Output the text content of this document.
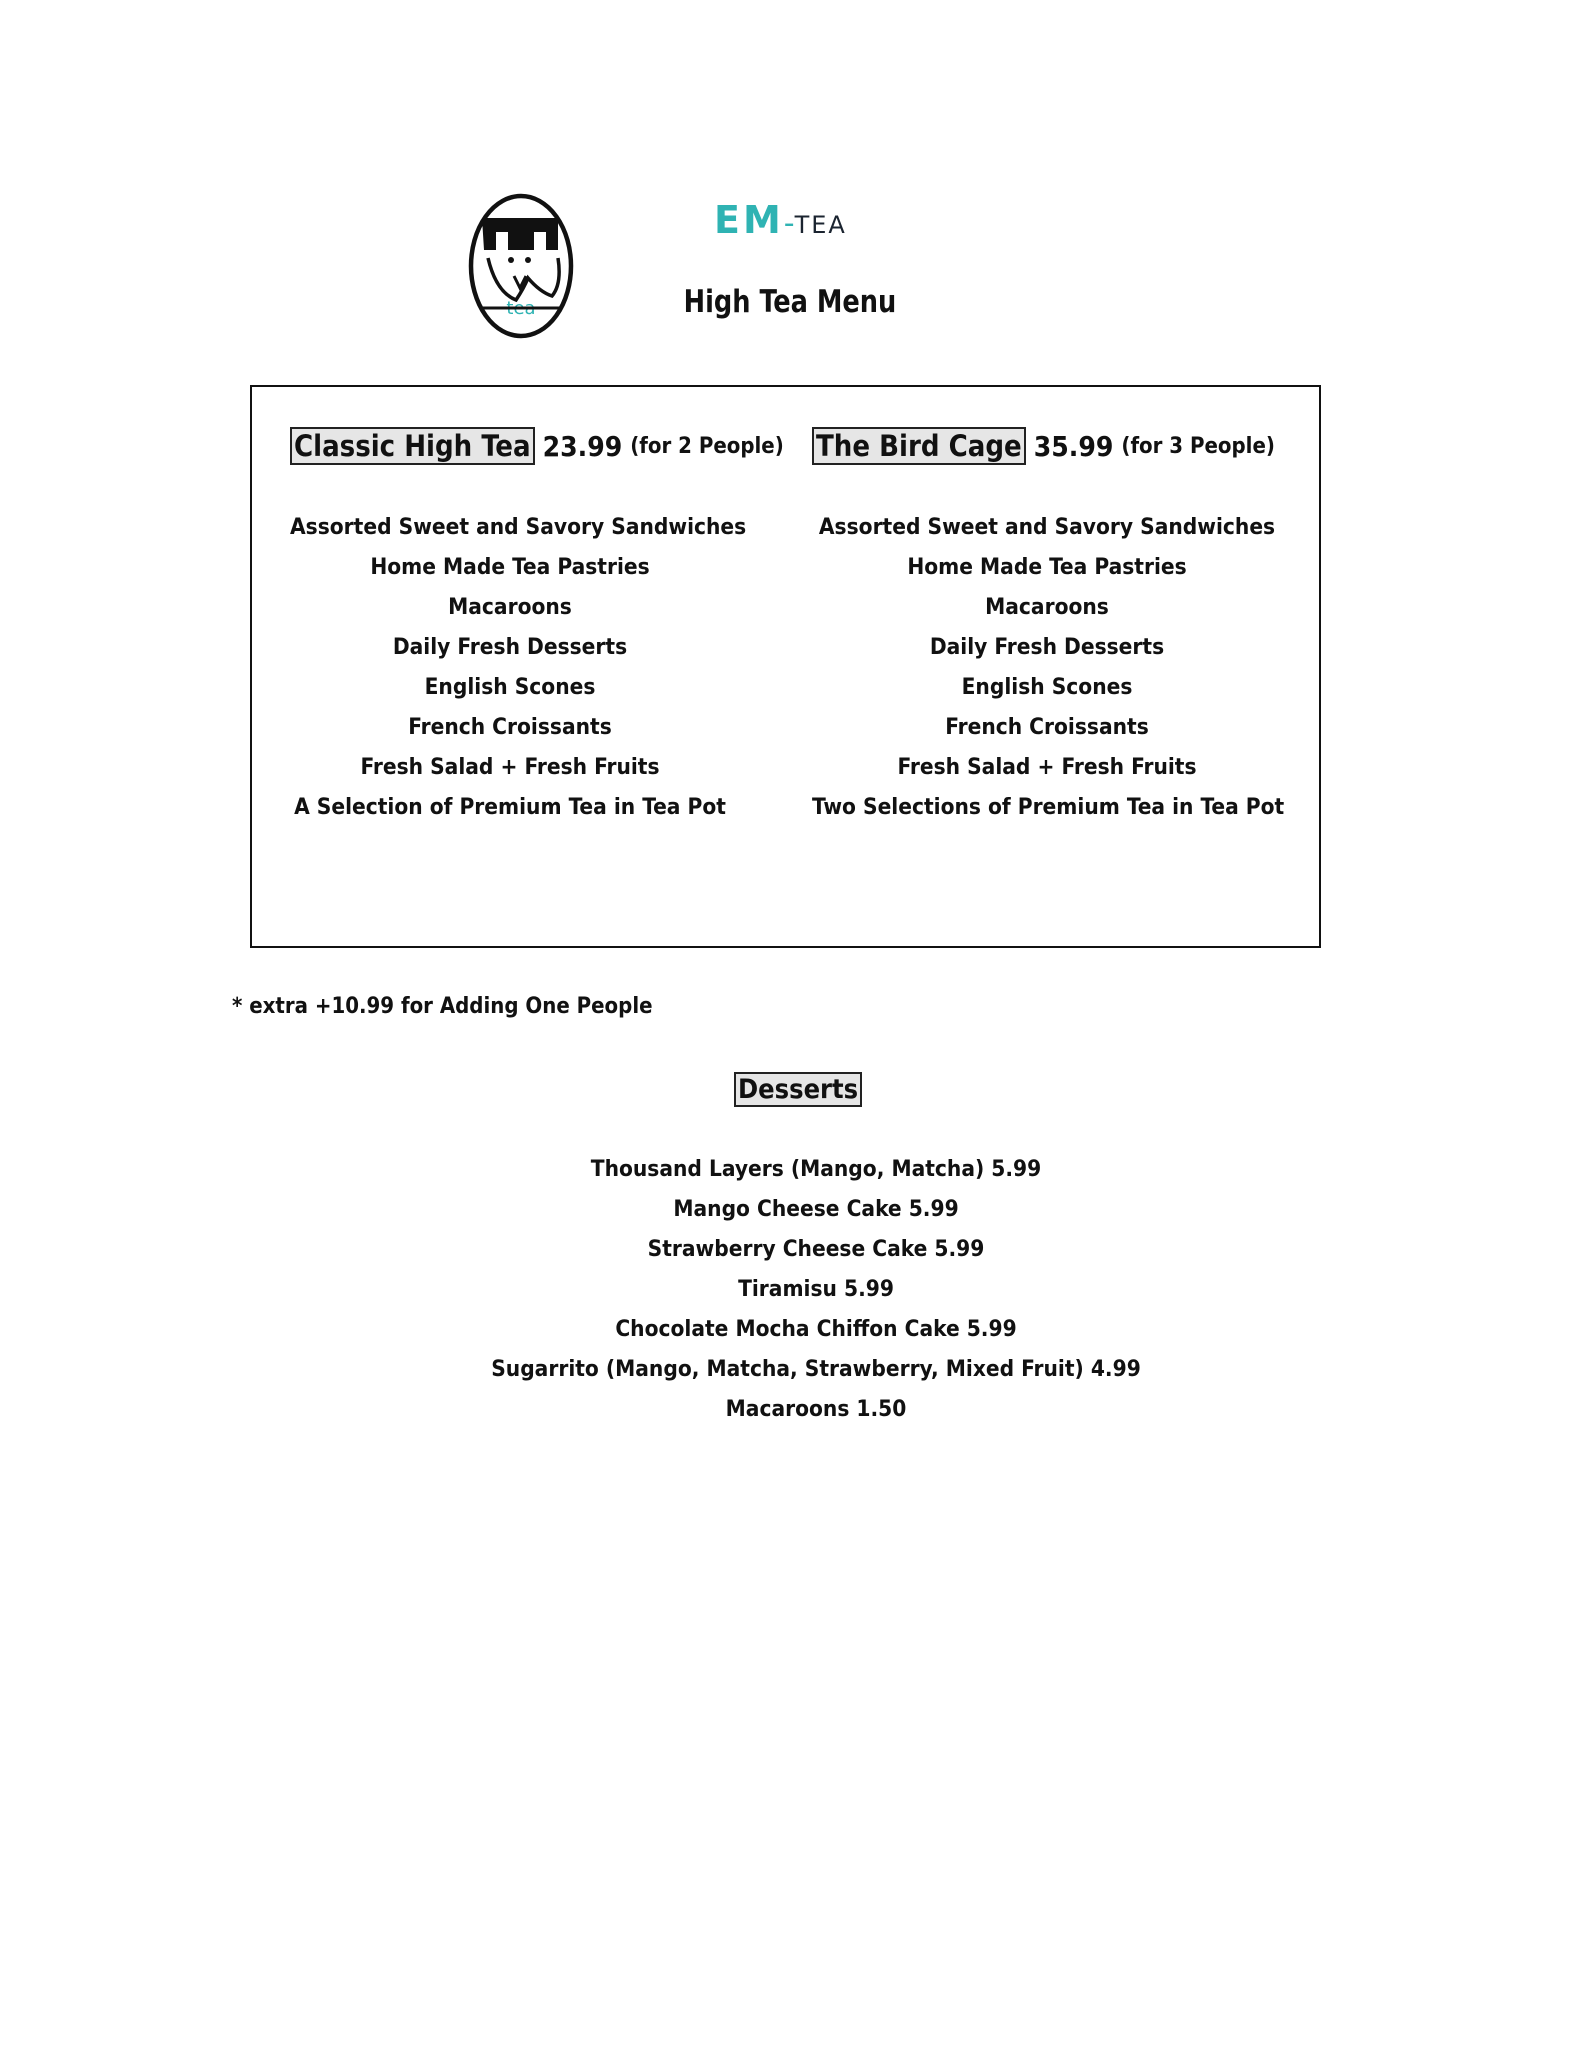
tea
EM-TEA
High Tea Menu
Classic High Tea 23.99 (for 2 People)
Assorted Sweet and Savory Sandwiches
Home Made Tea Pastries
Macaroons
Daily Fresh Desserts
English Scones
French Croissants
Fresh Salad + Fresh Fruits
A Selection of Premium Tea in Tea Pot
The Bird Cage 35.99 (for 3 People)
Assorted Sweet and Savory Sandwiches
Home Made Tea Pastries
Macaroons
Daily Fresh Desserts
English Scones
French Croissants
Fresh Salad + Fresh Fruits
Two Selections of Premium Tea in Tea Pot
* extra +10.99 for Adding One People
Desserts
Thousand Layers (Mango, Matcha) 5.99
Mango Cheese Cake 5.99
Strawberry Cheese Cake 5.99
Tiramisu 5.99
Chocolate Mocha Chiffon Cake 5.99
Sugarrito (Mango, Matcha, Strawberry, Mixed Fruit) 4.99
Macaroons 1.50
